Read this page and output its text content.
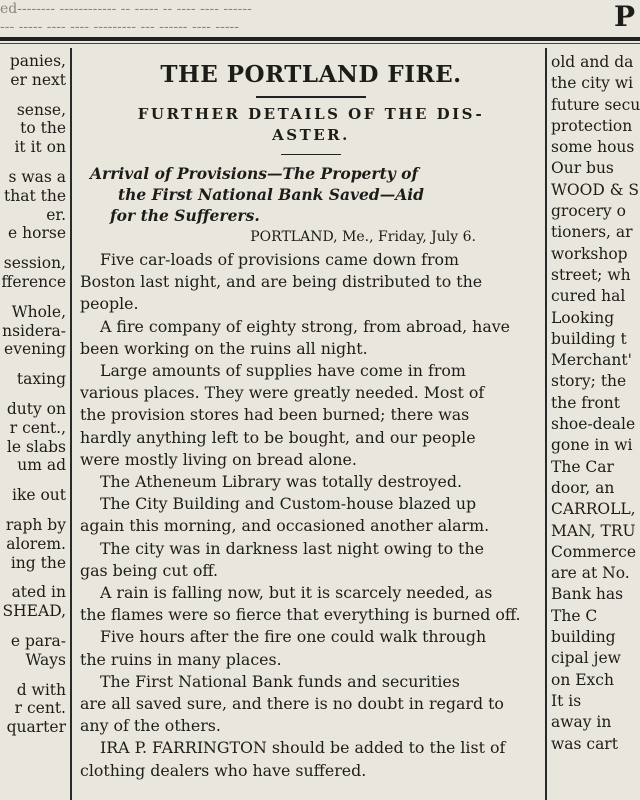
ed-------- ------------ -- ----- -- ---- ---- ------
--- ----- ---- ---- --------- --- ------ ---- -----	P
panies,
er next
sense,
to the
it it on
s was a
that the
er.
e horse
session,
fference
Whole,
nsidera-
evening
taxing
duty on
r cent.,
le slabs
um ad
ike out
raph by
alorem.
ing the
ated in
SHEAD,
e para-
Ways
d with
r cent.
quarter
THE PORTLAND FIRE.
FURTHER DETAILS OF THE DIS-
ASTER.
Arrival of Provisions—The Property of
the First National Bank Saved—Aid
for the Sufferers.
PORTLAND, Me., Friday, July 6.
Five car-loads of provisions came down from
Boston last night, and are being distributed to the
people.
A fire company of eighty strong, from abroad, have
been working on the ruins all night.
Large amounts of supplies have come in from
various places. They were greatly needed. Most of
the provision stores had been burned; there was
hardly anything left to be bought, and our people
were mostly living on bread alone.
The Atheneum Library was totally destroyed.
The City Building and Custom-house blazed up
again this morning, and occasioned another alarm.
The city was in darkness last night owing to the
gas being cut off.
A rain is falling now, but it is scarcely needed, as
the flames were so fierce that everything is burned off.
Five hours after the fire one could walk through
the ruins in many places.
The First National Bank funds and securities
are all saved sure, and there is no doubt in regard to
any of the others.
IRA P. FARRINGTON should be added to the list of
clothing dealers who have suffered.
old and da
the city wi
future secu
protection
some hous
Our bus
WOOD & S
grocery o
tioners, ar
workshop
street; wh
cured hal
Looking
building t
Merchant'
story; the
the front
shoe-deale
gone in wi
The Car
door, an
CARROLL,
MAN, TRU
Commerce
are at No.
Bank has
The C
building
cipal jew
on Exch
It is
away in
was cart
